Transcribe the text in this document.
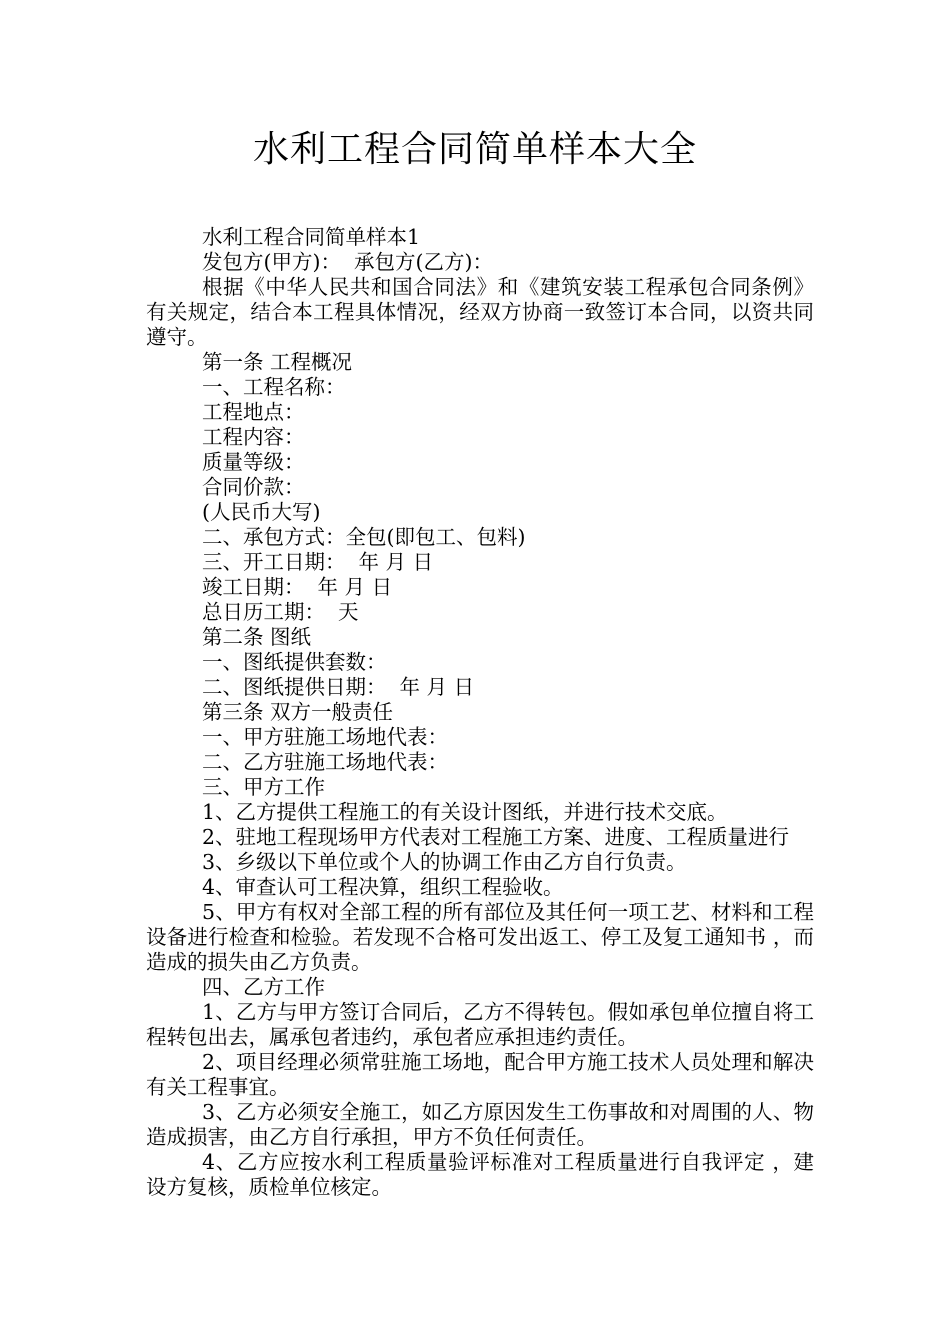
水利工程合同简单样本大全

水利工程合同简单样本1

发包方(甲方)：  承包方(乙方)：

根据《中华人民共和国合同法》和《建筑安装工程承包合同条例》有关规定，结合本工程具体情况，经双方协商一致签订本合同，以资共同遵守。

第一条 工程概况

一、工程名称：

工程地点：

工程内容：

质量等级：

合同价款：

(人民币大写)

二、承包方式：全包(即包工、包料)

三、开工日期：  年 月 日

竣工日期：  年 月 日

总日历工期：  天

第二条 图纸

一、图纸提供套数：

二、图纸提供日期：  年 月 日

第三条 双方一般责任

一、甲方驻施工场地代表：

二、乙方驻施工场地代表：

三、甲方工作

1、乙方提供工程施工的有关设计图纸，并进行技术交底。

2、驻地工程现场甲方代表对工程施工方案、进度、工程质量进行

3、乡级以下单位或个人的协调工作由乙方自行负责。

4、审查认可工程决算，组织工程验收。

5、甲方有权对全部工程的所有部位及其任何一项工艺、材料和工程设备进行检查和检验。若发现不合格可发出返工、停工及复工通知书 ，而造成的损失由乙方负责。

四、乙方工作

1、乙方与甲方签订合同后，乙方不得转包。假如承包单位擅自将工程转包出去，属承包者违约，承包者应承担违约责任。

2、项目经理必须常驻施工场地，配合甲方施工技术人员处理和解决有关工程事宜。

3、乙方必须安全施工，如乙方原因发生工伤事故和对周围的人、物造成损害，由乙方自行承担，甲方不负任何责任。

4、乙方应按水利工程质量验评标准对工程质量进行自我评定 ，建设方复核，质检单位核定。
